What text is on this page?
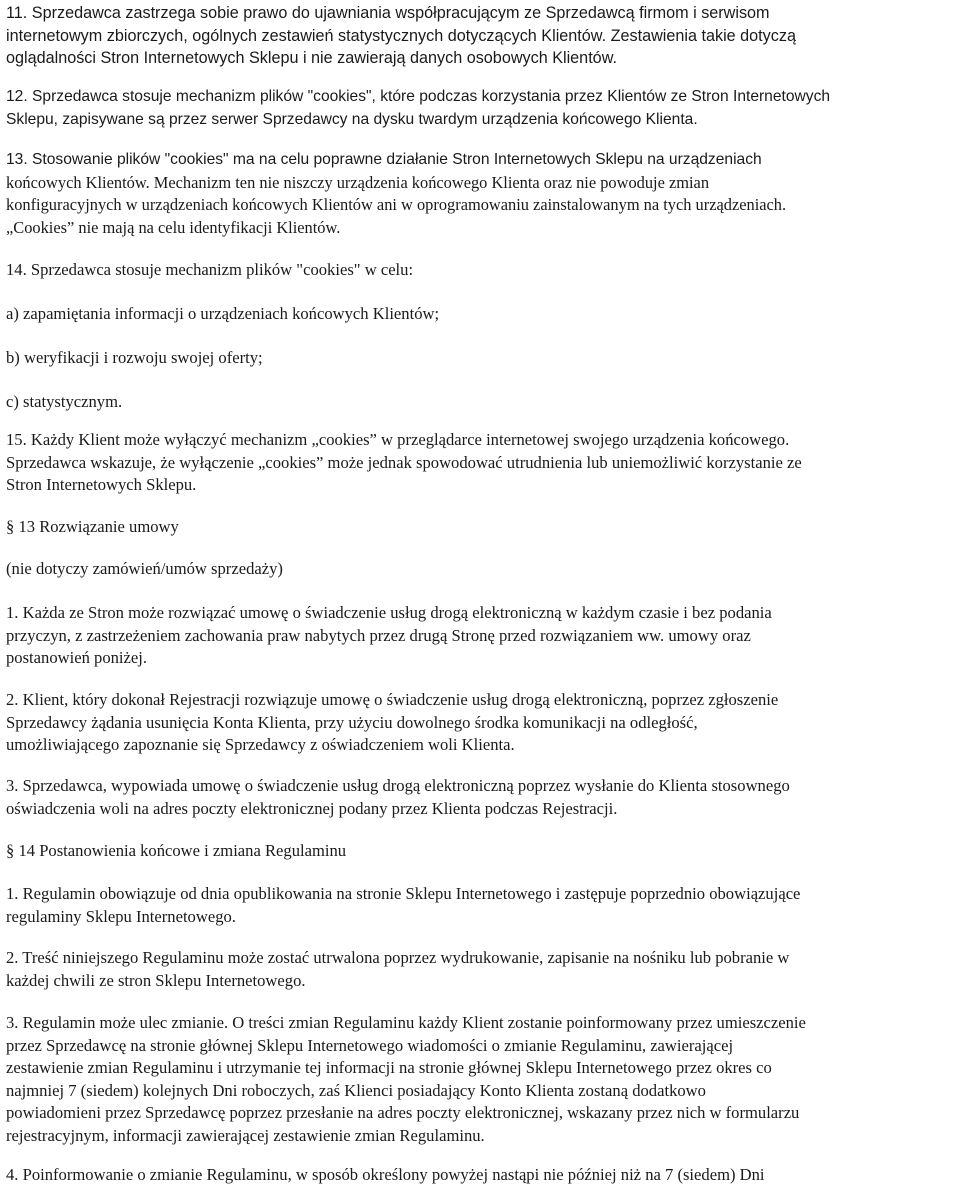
11. Sprzedawca zastrzega sobie prawo do ujawniania współpracującym ze Sprzedawcą firmom i serwisom
internetowym zbiorczych, ogólnych zestawień statystycznych dotyczących Klientów. Zestawienia takie dotyczą
oglądalności Stron Internetowych Sklepu i nie zawierają danych osobowych Klientów.
12. Sprzedawca stosuje mechanizm plików "cookies", które podczas korzystania przez Klientów ze Stron Internetowych
Sklepu, zapisywane są przez serwer Sprzedawcy na dysku twardym urządzenia końcowego Klienta.
13. Stosowanie plików "cookies" ma na celu poprawne działanie Stron Internetowych Sklepu na urządzeniach
końcowych Klientów. Mechanizm ten nie niszczy urządzenia końcowego Klienta oraz nie powoduje zmian
konfiguracyjnych w urządzeniach końcowych Klientów ani w oprogramowaniu zainstalowanym na tych urządzeniach.
„Cookies” nie mają na celu identyfikacji Klientów.
14. Sprzedawca stosuje mechanizm plików "cookies" w celu:
a) zapamiętania informacji o urządzeniach końcowych Klientów;
b) weryfikacji i rozwoju swojej oferty;
c) statystycznym.
15. Każdy Klient może wyłączyć mechanizm „cookies” w przeglądarce internetowej swojego urządzenia końcowego.
Sprzedawca wskazuje, że wyłączenie „cookies” może jednak spowodować utrudnienia lub uniemożliwić korzystanie ze
Stron Internetowych Sklepu.
§ 13 Rozwiązanie umowy
(nie dotyczy zamówień/umów sprzedaży)
1. Każda ze Stron może rozwiązać umowę o świadczenie usług drogą elektroniczną w każdym czasie i bez podania
przyczyn, z zastrzeżeniem zachowania praw nabytych przez drugą Stronę przed rozwiązaniem ww. umowy oraz
postanowień poniżej.
2. Klient, który dokonał Rejestracji rozwiązuje umowę o świadczenie usług drogą elektroniczną, poprzez zgłoszenie
Sprzedawcy żądania usunięcia Konta Klienta, przy użyciu dowolnego środka komunikacji na odległość,
umożliwiającego zapoznanie się Sprzedawcy z oświadczeniem woli Klienta.
3. Sprzedawca, wypowiada umowę o świadczenie usług drogą elektroniczną poprzez wysłanie do Klienta stosownego
oświadczenia woli na adres poczty elektronicznej podany przez Klienta podczas Rejestracji.
§ 14 Postanowienia końcowe i zmiana Regulaminu
1. Regulamin obowiązuje od dnia opublikowania na stronie Sklepu Internetowego i zastępuje poprzednio obowiązujące
regulaminy Sklepu Internetowego.
2. Treść niniejszego Regulaminu może zostać utrwalona poprzez wydrukowanie, zapisanie na nośniku lub pobranie w
każdej chwili ze stron Sklepu Internetowego.
3. Regulamin może ulec zmianie. O treści zmian Regulaminu każdy Klient zostanie poinformowany przez umieszczenie
przez Sprzedawcę na stronie głównej Sklepu Internetowego wiadomości o zmianie Regulaminu, zawierającej
zestawienie zmian Regulaminu i utrzymanie tej informacji na stronie głównej Sklepu Internetowego przez okres co
najmniej 7 (siedem) kolejnych Dni roboczych, zaś Klienci posiadający Konto Klienta zostaną dodatkowo
powiadomieni przez Sprzedawcę poprzez przesłanie na adres poczty elektronicznej, wskazany przez nich w formularzu
rejestracyjnym, informacji zawierającej zestawienie zmian Regulaminu.
4. Poinformowanie o zmianie Regulaminu, w sposób określony powyżej nastąpi nie później niż na 7 (siedem) Dni
